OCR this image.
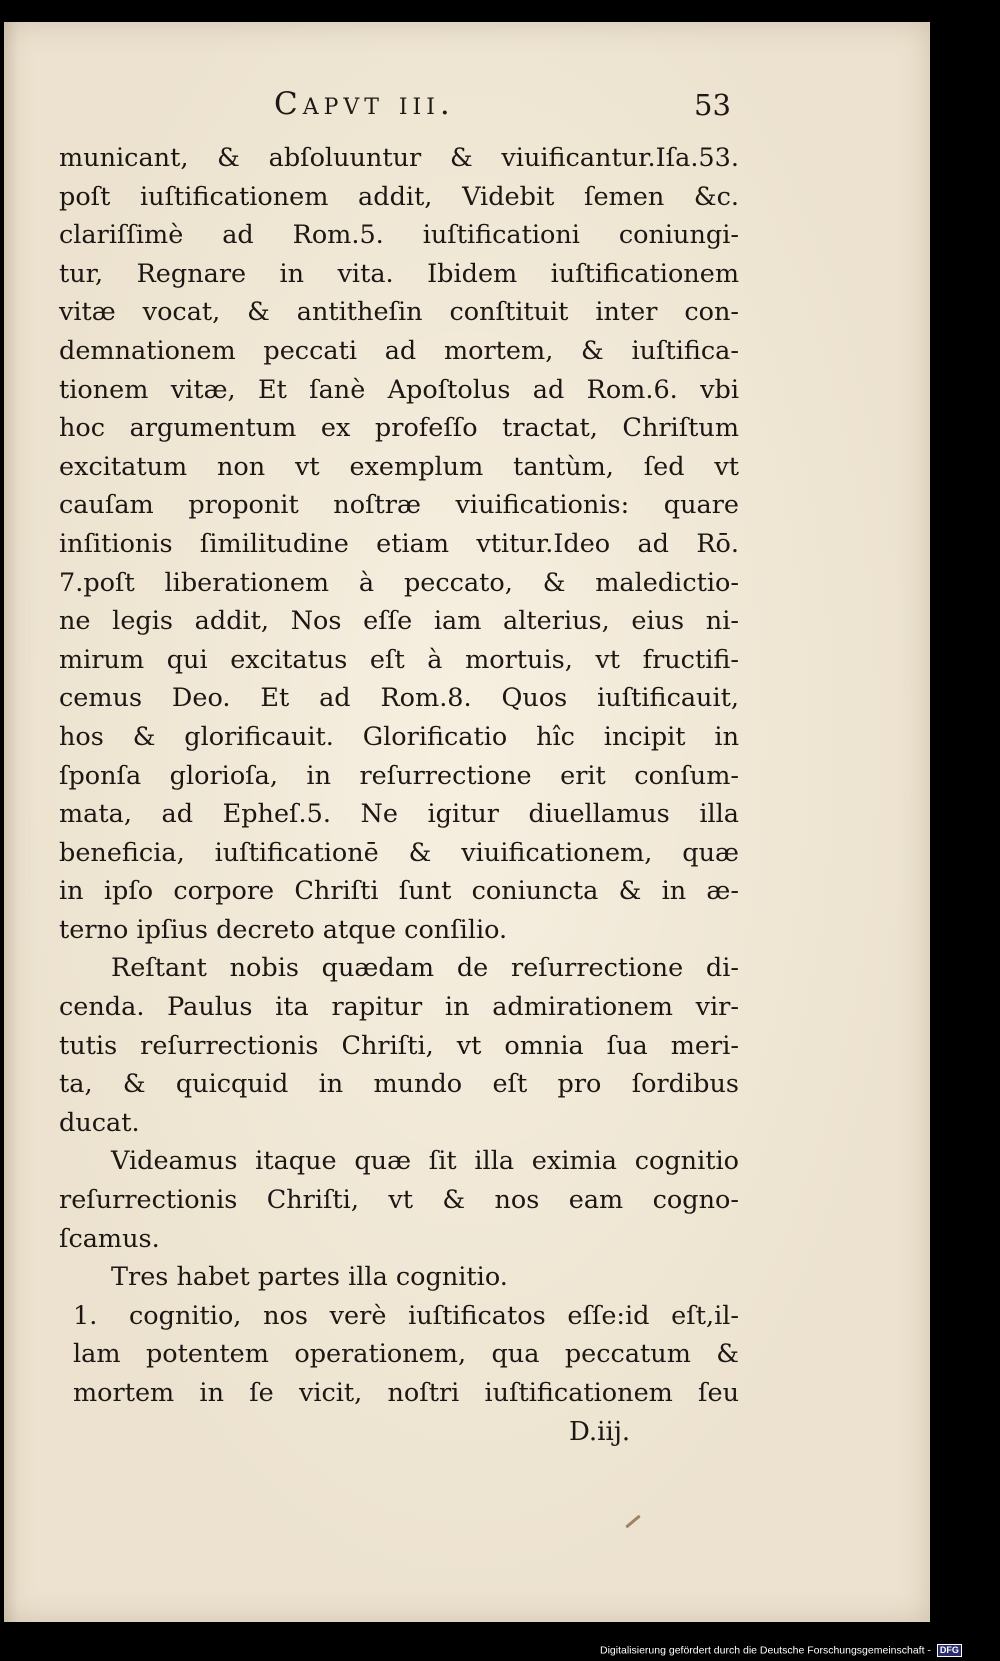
Capvt iii.	53
municant, & abſoluuntur & viuificantur.Iſa.53.
poſt iuſtificationem addit, Videbit ſemen &c.
clariſſimè ad Rom.5. iuſtificationi coniungi-
tur, Regnare in vita. Ibidem iuſtificationem
vitæ vocat, & antitheſin conſtituit inter con-
demnationem peccati ad mortem, & iuſtifica-
tionem vitæ, Et ſanè Apoſtolus ad Rom.6. vbi
hoc argumentum ex profeſſo tractat, Chriſtum
excitatum non vt exemplum tantùm, ſed vt
cauſam proponit noſtræ viuificationis: quare
inſitionis ſimilitudine etiam vtitur.Ideo ad Rō.
7.poſt liberationem à peccato, & maledictio-
ne legis addit, Nos eſſe iam alterius, eius ni-
mirum qui excitatus eſt à mortuis, vt fructifi-
cemus Deo. Et ad Rom.8. Quos iuſtificauit,
hos & glorificauit. Glorificatio hîc incipit in
ſponſa glorioſa, in reſurrectione erit conſum-
mata, ad Epheſ.5. Ne igitur diuellamus illa
beneficia, iuſtificationē & viuificationem, quæ
in ipſo corpore Chriſti ſunt coniuncta & in æ-
terno ipſius decreto atque conſilio.
Reſtant nobis quædam de reſurrectione di-
cenda. Paulus ita rapitur in admirationem vir-
tutis reſurrectionis Chriſti, vt omnia ſua meri-
ta, & quicquid in mundo eſt pro ſordibus
ducat.
Videamus itaque quæ ſit illa eximia cognitio
reſurrectionis Chriſti, vt & nos eam cogno-
ſcamus.
Tres habet partes illa cognitio.
1. cognitio, nos verè iuſtificatos eſſe:id eſt,il-
lam potentem operationem, qua peccatum &
mortem in ſe vicit, noſtri iuſtificationem ſeu
D.iij.
Digitalisierung gefördert durch die Deutsche Forschungsgemeinschaft - DFG
